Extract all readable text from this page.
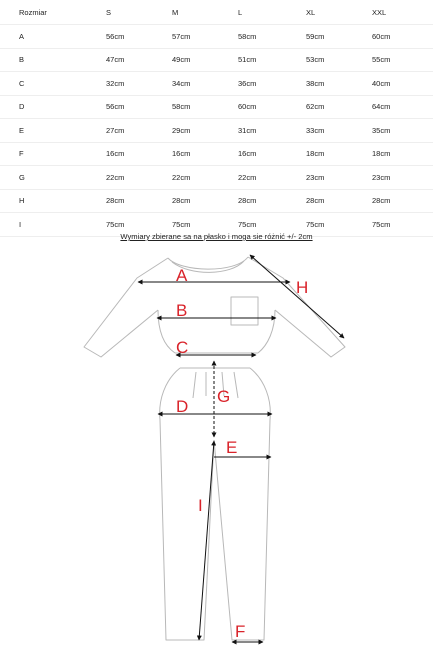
Rozmiar	S	M	L	XL	XXL
A	56cm	57cm	58cm	59cm	60cm
B	47cm	49cm	51cm	53cm	55cm
C	32cm	34cm	36cm	38cm	40cm
D	56cm	58cm	60cm	62cm	64cm
E	27cm	29cm	31cm	33cm	35cm
F	16cm	16cm	16cm	18cm	18cm
G	22cm	22cm	22cm	23cm	23cm
H	28cm	28cm	28cm	28cm	28cm
I	75cm	75cm	75cm	75cm	75cm
Wymiary zbierane sa na płasko i moga sie różnić +/- 2cm
A
B
C
D
G
E
I
F
H
